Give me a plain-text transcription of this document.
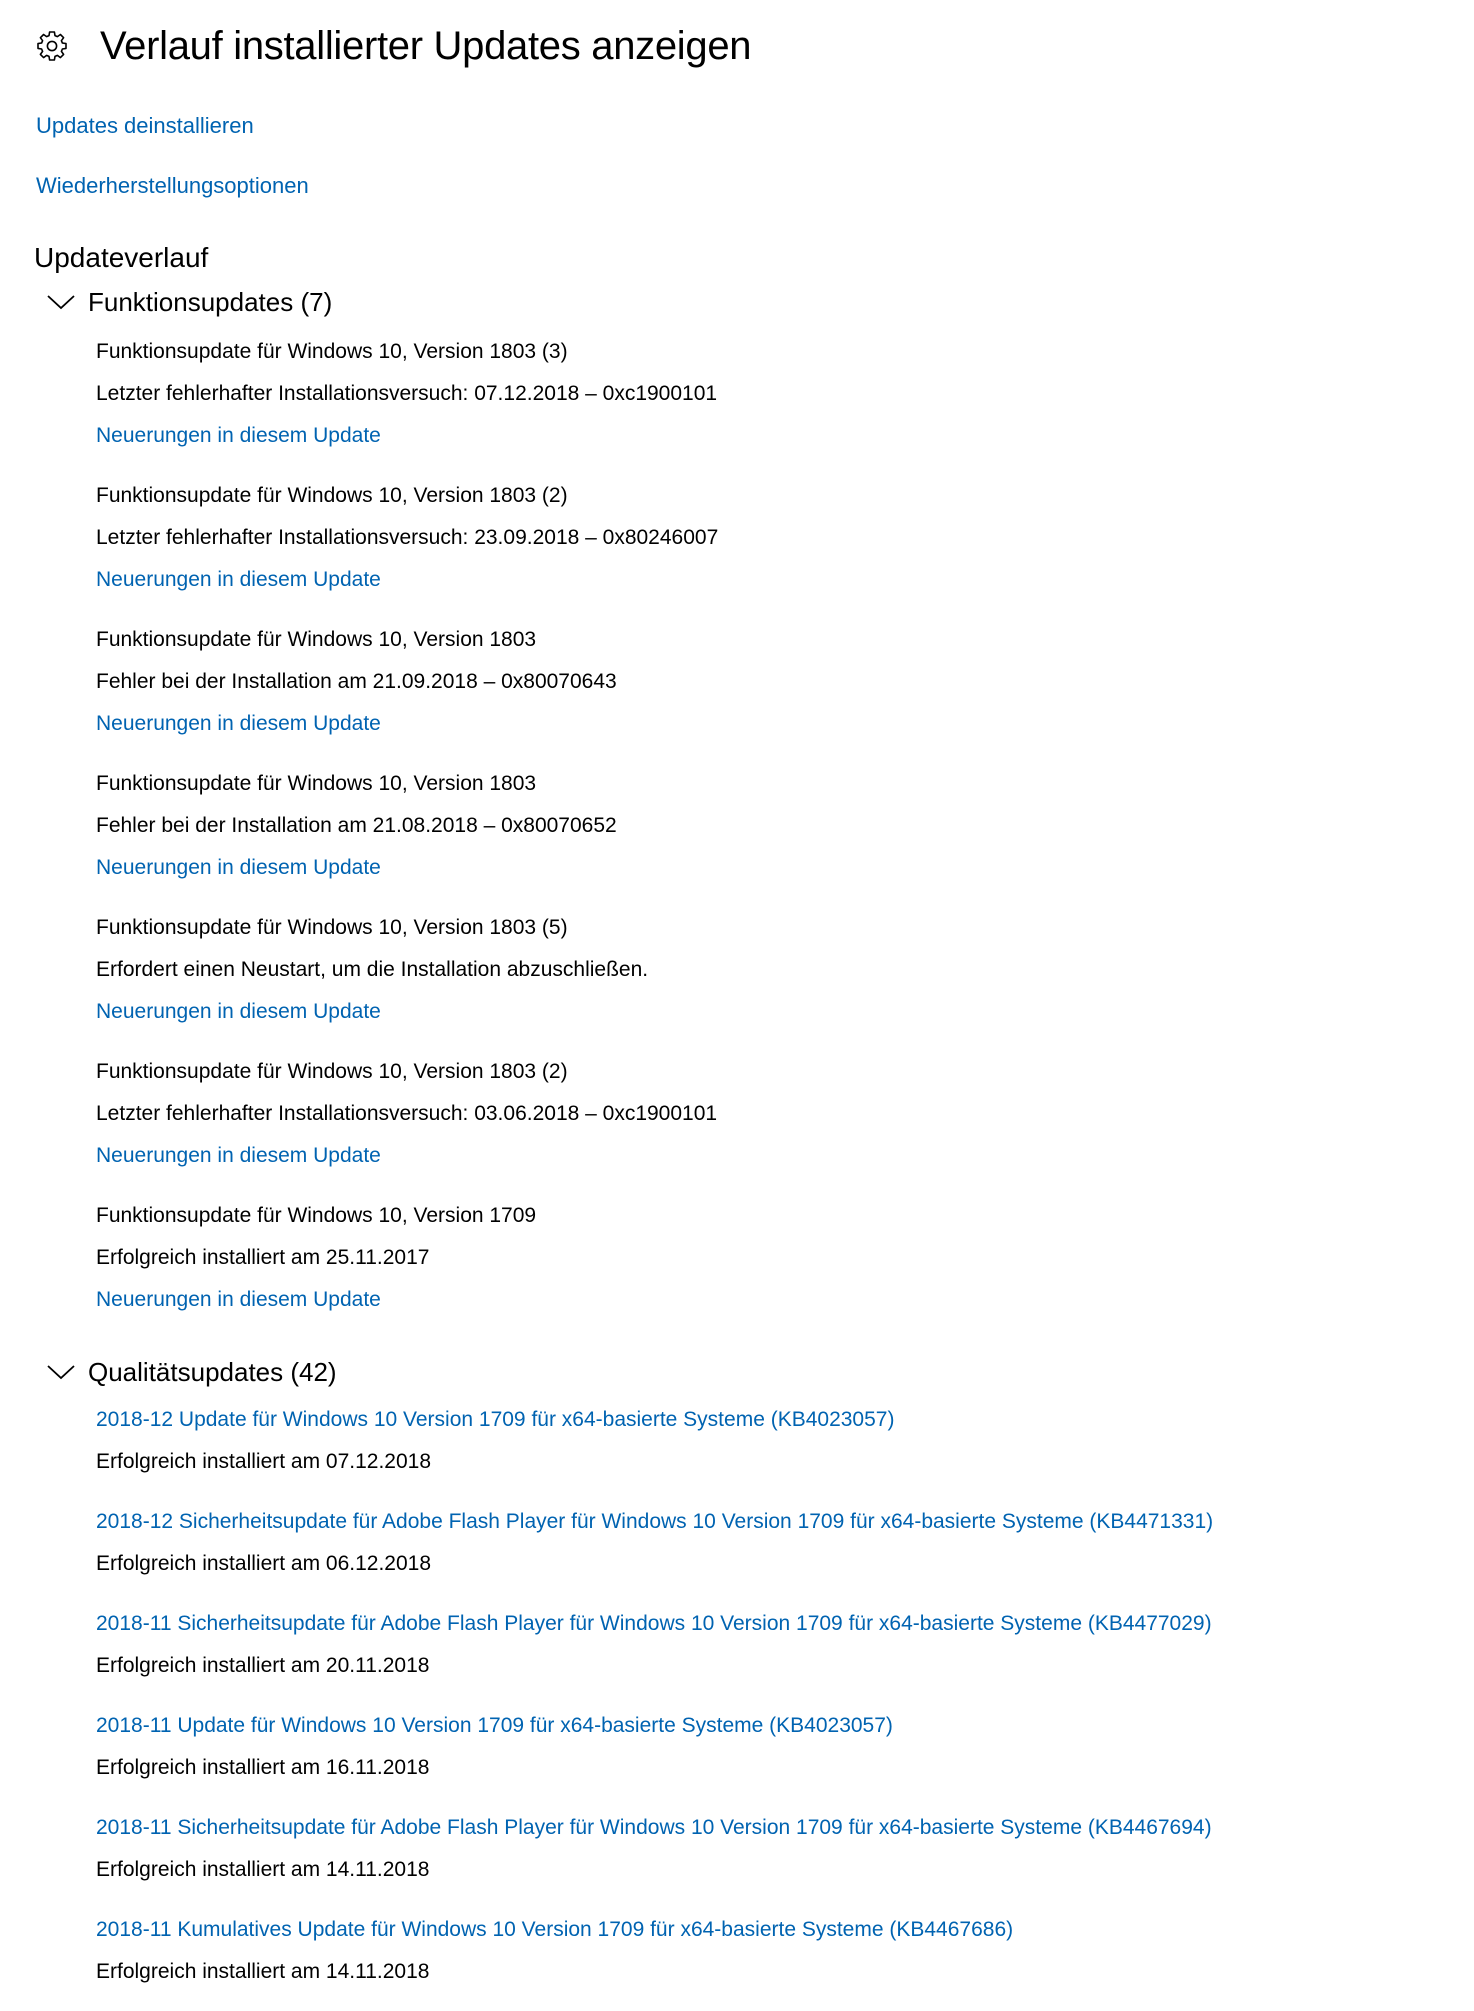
Verlauf installierter Updates anzeigen
Updates deinstallieren
Wiederherstellungsoptionen
Updateverlauf
Funktionsupdates (7)
Funktionsupdate für Windows 10, Version 1803 (3)
Letzter fehlerhafter Installationsversuch: 07.12.2018 – 0xc1900101
Neuerungen in diesem Update
Funktionsupdate für Windows 10, Version 1803 (2)
Letzter fehlerhafter Installationsversuch: 23.09.2018 – 0x80246007
Neuerungen in diesem Update
Funktionsupdate für Windows 10, Version 1803
Fehler bei der Installation am 21.09.2018 – 0x80070643
Neuerungen in diesem Update
Funktionsupdate für Windows 10, Version 1803
Fehler bei der Installation am 21.08.2018 – 0x80070652
Neuerungen in diesem Update
Funktionsupdate für Windows 10, Version 1803 (5)
Erfordert einen Neustart, um die Installation abzuschließen.
Neuerungen in diesem Update
Funktionsupdate für Windows 10, Version 1803 (2)
Letzter fehlerhafter Installationsversuch: 03.06.2018 – 0xc1900101
Neuerungen in diesem Update
Funktionsupdate für Windows 10, Version 1709
Erfolgreich installiert am 25.11.2017
Neuerungen in diesem Update
Qualitätsupdates (42)
2018-12 Update für Windows 10 Version 1709 für x64-basierte Systeme (KB4023057)
Erfolgreich installiert am 07.12.2018
2018-12 Sicherheitsupdate für Adobe Flash Player für Windows 10 Version 1709 für x64-basierte Systeme (KB4471331)
Erfolgreich installiert am 06.12.2018
2018-11 Sicherheitsupdate für Adobe Flash Player für Windows 10 Version 1709 für x64-basierte Systeme (KB4477029)
Erfolgreich installiert am 20.11.2018
2018-11 Update für Windows 10 Version 1709 für x64-basierte Systeme (KB4023057)
Erfolgreich installiert am 16.11.2018
2018-11 Sicherheitsupdate für Adobe Flash Player für Windows 10 Version 1709 für x64-basierte Systeme (KB4467694)
Erfolgreich installiert am 14.11.2018
2018-11 Kumulatives Update für Windows 10 Version 1709 für x64-basierte Systeme (KB4467686)
Erfolgreich installiert am 14.11.2018
